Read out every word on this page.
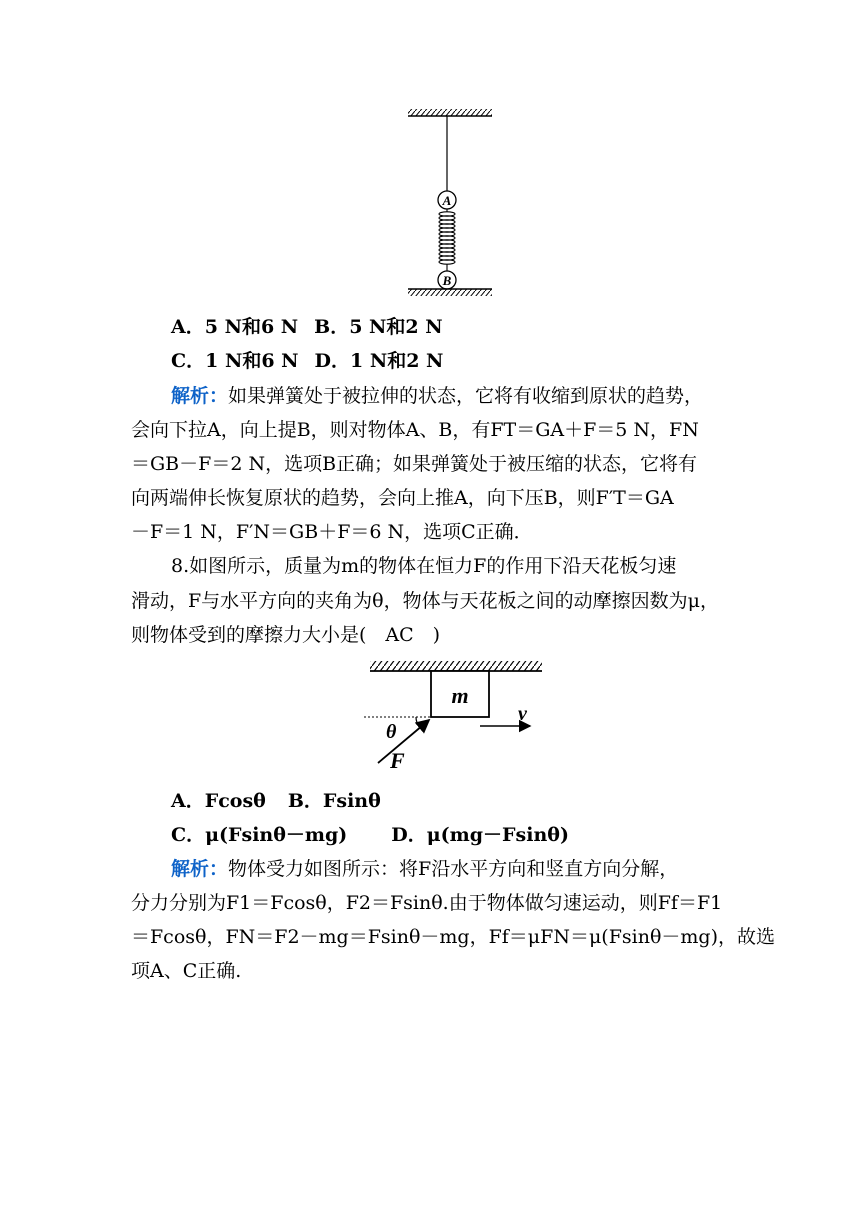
A
B
A．5 N和6 N B．5 N和2 N
C．1 N和6 N D．1 N和2 N
解析：如果弹簧处于被拉伸的状态，它将有收缩到原状的趋势，
会向下拉A，向上提B，则对物体A、B，有FT＝GA＋F＝5 N，FN
＝GB－F＝2 N，选项B正确；如果弹簧处于被压缩的状态，它将有
向两端伸长恢复原状的趋势，会向上推A，向下压B，则F′T＝GA
－F＝1 N，F′N＝GB＋F＝6 N，选项C正确．
8.如图所示，质量为m的物体在恒力F的作用下沿天花板匀速
滑动，F与水平方向的夹角为θ，物体与天花板之间的动摩擦因数为μ，
则物体受到的摩擦力大小是(　AC　)
m
v
θ
F
A．Fcosθ B．Fsinθ
C．μ(Fsinθ－mg) D．μ(mg－Fsinθ)
解析：物体受力如图所示：将F沿水平方向和竖直方向分解，
分力分别为F1＝Fcosθ，F2＝Fsinθ.由于物体做匀速运动，则Ff＝F1
＝Fcosθ，FN＝F2－mg＝Fsinθ－mg，Ff＝μFN＝μ(Fsinθ－mg)，故选
项A、C正确.
